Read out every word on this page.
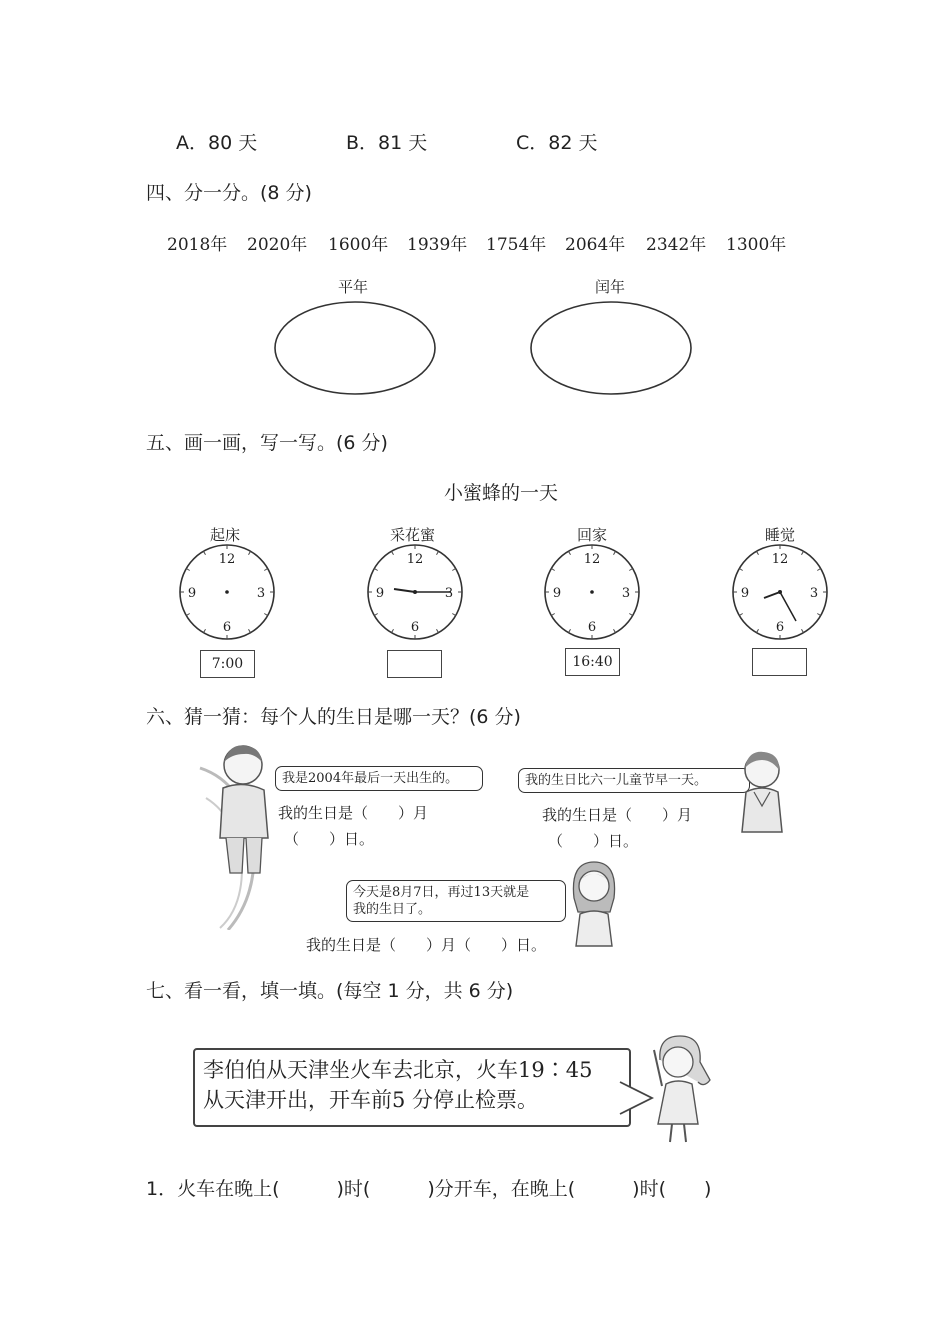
A．80 天	B．81 天	C．82 天
四、分一分。(8 分)
2018年 2020年 1600年 1939年 1754年 2064年 2342年 1300年
平年	闰年
五、画一画，写一写。(6 分)
小蜜蜂的一天
起床
12
3
6
9
7:00
采花蜜
12
3
6
9
回家
12
3
6
9
16:40
睡觉
12
3
6
9
六、猜一猜：每个人的生日是哪一天？(6 分)
我是2004年最后一天出生的。
我的生日是（　　）月
（　　）日。
我的生日比六一儿童节早一天。
我的生日是（　　）月
（　　）日。
今天是8月7日，再过13天就是
我的生日了。
我的生日是（　　）月（　　）日。
七、看一看，填一填。(每空 1 分，共 6 分)
李伯伯从天津坐火车去北京，火车19∶45
从天津开出，开车前5 分停止检票。
1．火车在晚上(　　　)时(　　　)分开车，在晚上(　　　)时(　　)
